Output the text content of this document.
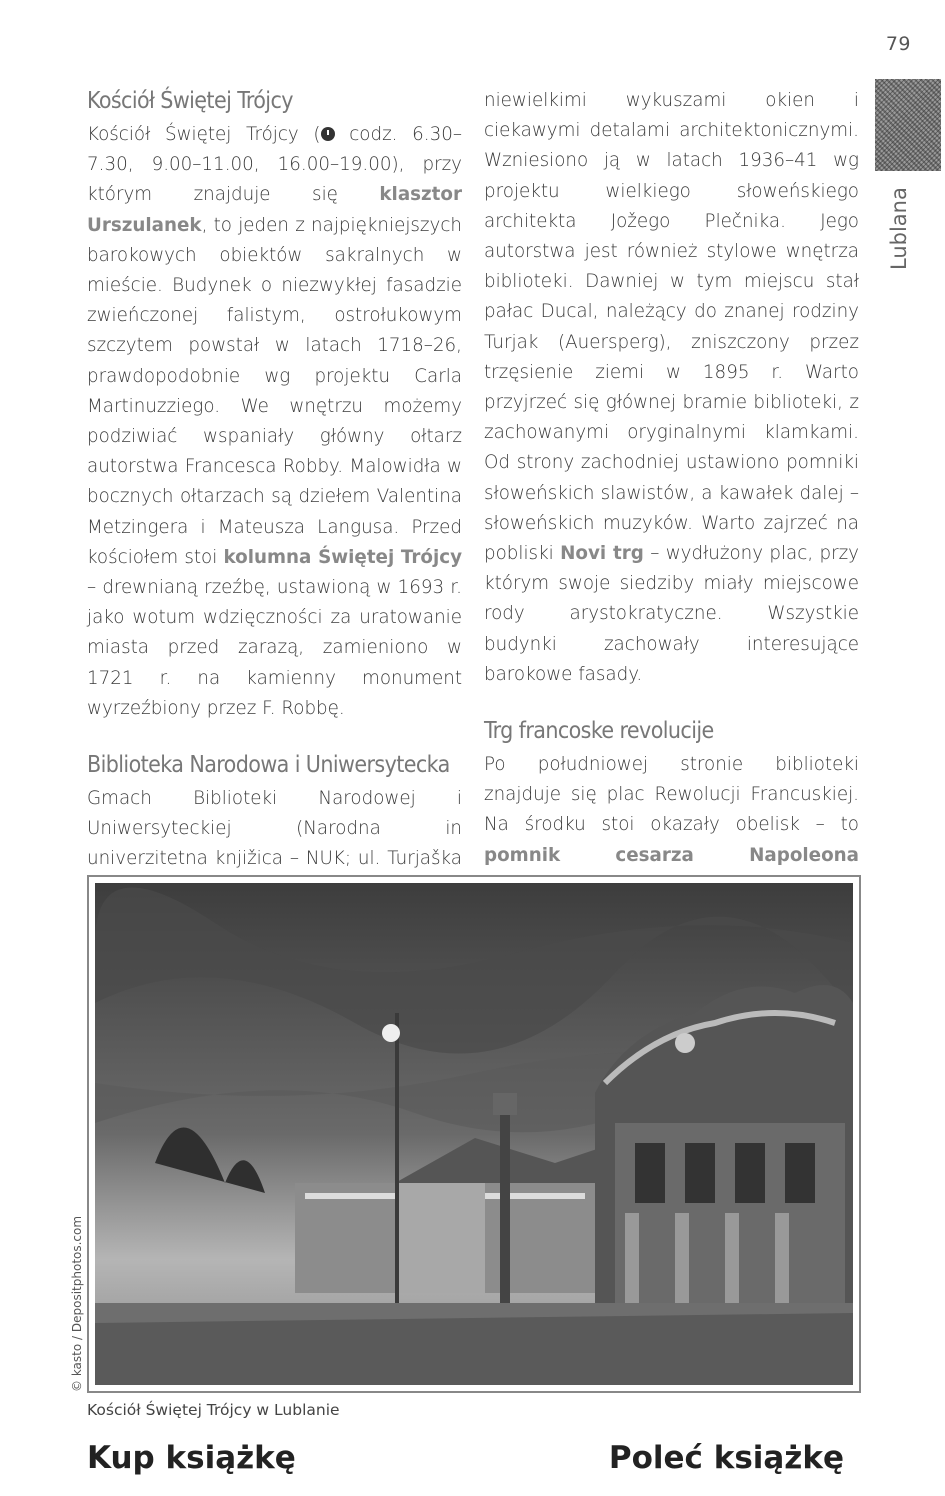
79
Lublana
Kościół Świętej Trójcy

Kościół Świętej Trójcy ( codz. 6.30–7.30, 9.00–11.00, 16.00–19.00), przy którym znajduje się klasztor Urszulanek, to jeden z najpiękniejszych barokowych obiektów sakralnych w mieście. Budynek o niezwykłej fasadzie zwieńczonej falistym, ostrołukowym szczytem powstał w latach 1718–26, prawdopodobnie wg projektu Carla Martinuzziego. We wnętrzu możemy podziwiać wspaniały główny ołtarz autorstwa Francesca Robby. Malowidła w bocznych ołtarzach są dziełem Valentina Metzingera i Mateusza Langusa. Przed kościołem stoi kolumna Świętej Trójcy – drewnianą rzeźbę, ustawioną w 1693 r. jako wotum wdzięczności za uratowanie miasta przed zarazą, zamieniono w 1721 r. na kamienny monument wyrzeźbiony przez F. Robbę.

Biblioteka Narodowa i Uniwersytecka

Gmach Biblioteki Narodowej i Uniwersyteckiej (Narodna in univerzitetna knjižica – NUK; ul. Turjaška

niewielkimi wykuszami okien i ciekawymi detalami architektonicznymi. Wzniesiono ją w latach 1936–41 wg projektu wielkiego słoweńskiego architekta Jožego Plečnika. Jego autorstwa jest również stylowe wnętrza biblioteki. Dawniej w tym miejscu stał pałac Ducal, należący do znanej rodziny Turjak (Auersperg), zniszczony przez trzęsienie ziemi w 1895 r. Warto przyjrzeć się głównej bramie biblioteki, z zachowanymi oryginalnymi klamkami. Od strony zachodniej ustawiono pomniki słoweńskich slawistów, a kawałek dalej – słoweńskich muzyków. Warto zajrzeć na pobliski Novi trg – wydłużony plac, przy którym swoje siedziby miały miejscowe rody arystokratyczne. Wszystkie budynki zachowały interesujące barokowe fasady.

Trg francoske revolucije

Po południowej stronie biblioteki znajduje się plac Rewolucji Francuskiej. Na środku stoi okazały obelisk – to pomnik cesarza Napoleona

© kasto / Depositphotos.com
Kościół Świętej Trójcy w Lublanie
Kup książkę	Poleć książkę
